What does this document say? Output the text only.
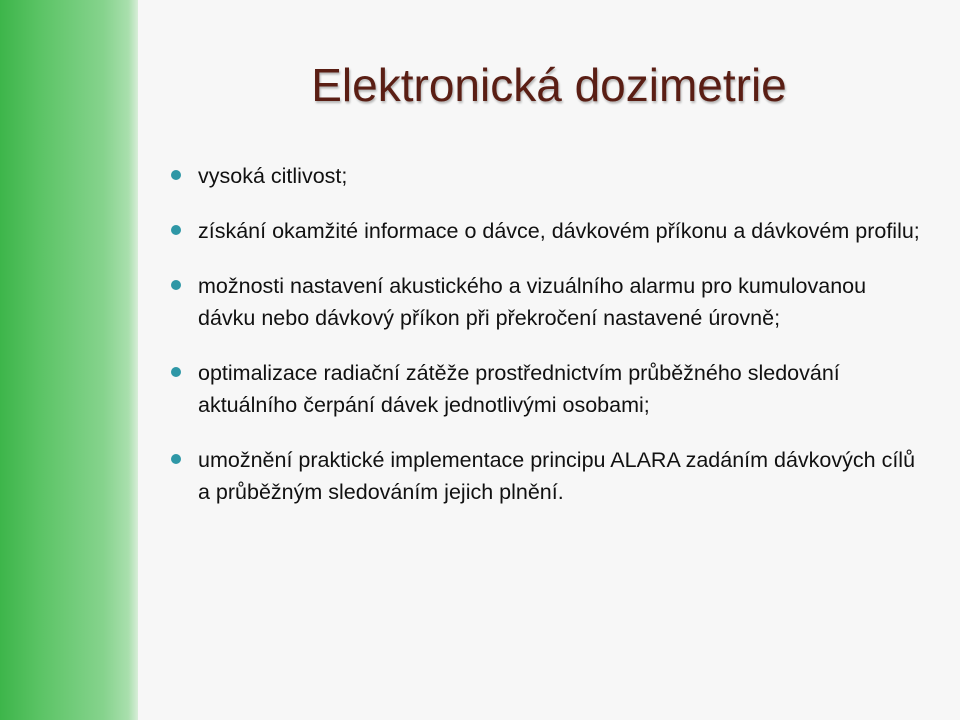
Elektronická dozimetrie
vysoká citlivost;
získání okamžité informace o dávce, dávkovém příkonu a dávkovém profilu;
možnosti nastavení akustického a vizuálního alarmu pro kumulovanou dávku nebo dávkový příkon při překročení nastavené úrovně;
optimalizace radiační zátěže prostřednictvím průběžného sledování aktuálního čerpání dávek jednotlivými osobami;
umožnění praktické implementace principu ALARA zadáním dávkových cílů a průběžným sledováním jejich plnění.
